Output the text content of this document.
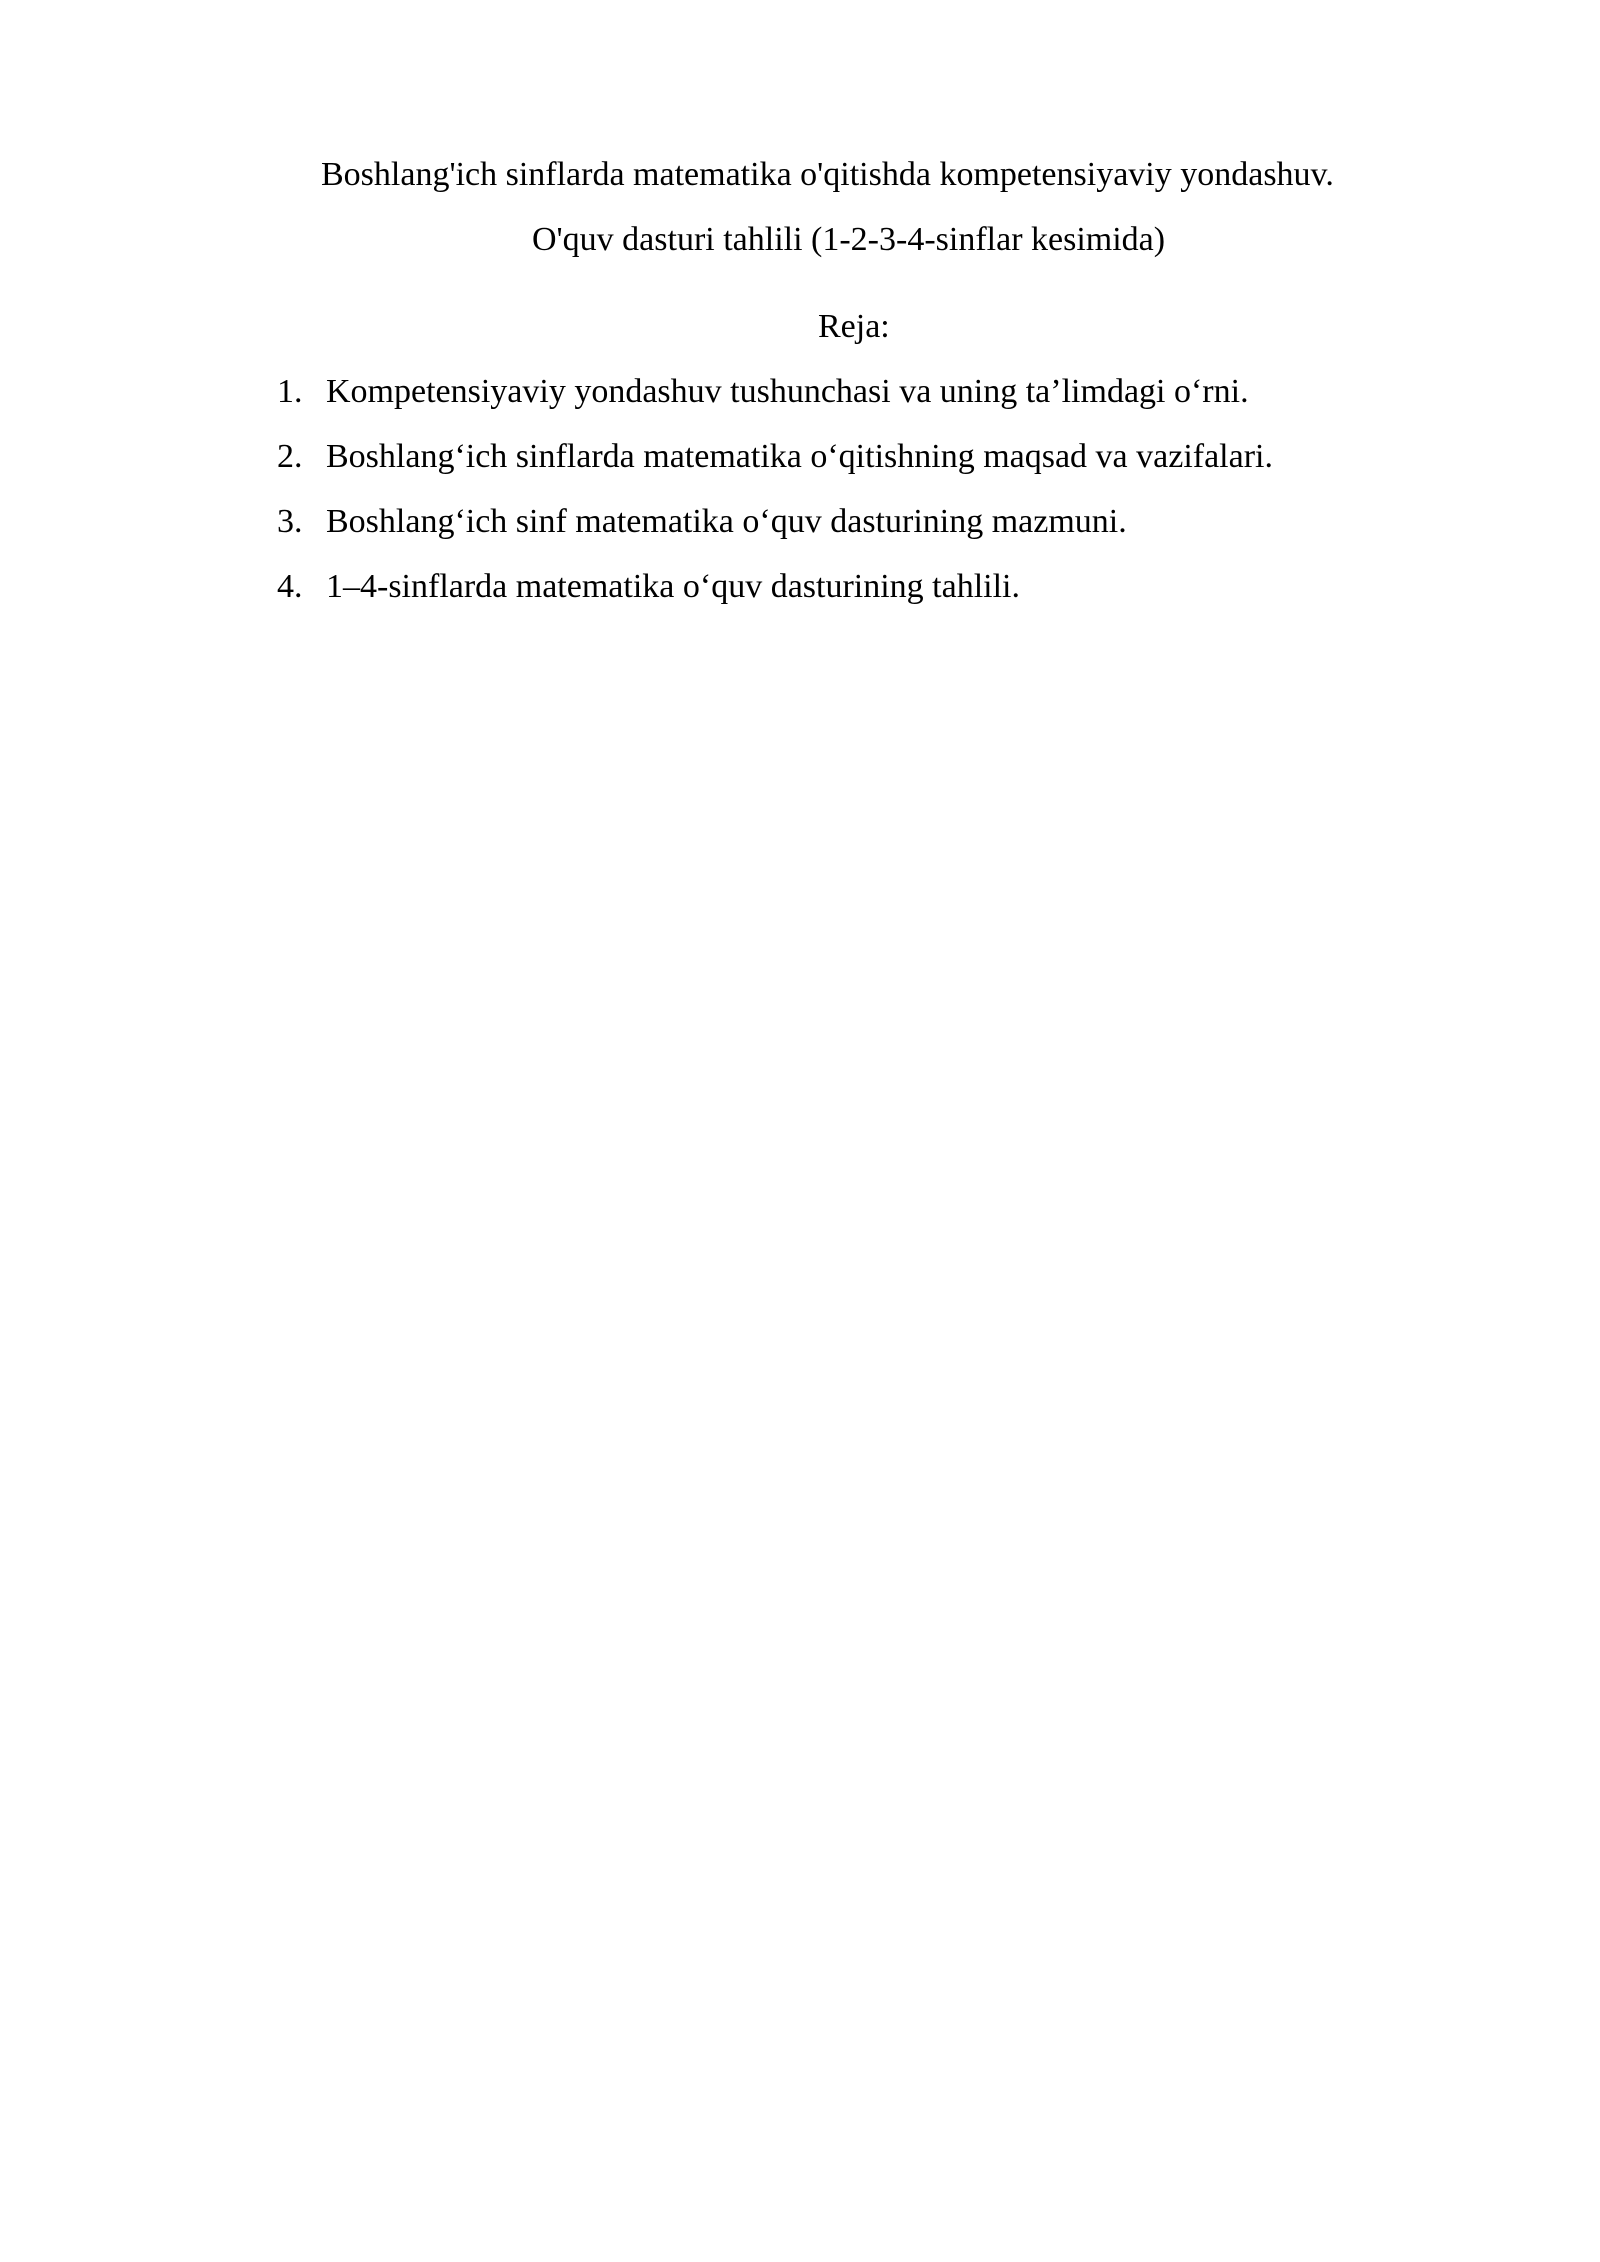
Boshlang'ich sinflarda matematika o'qitishda kompetensiyaviy yondashuv.
O'quv dasturi tahlili (1-2-3-4-sinflar kesimida)
Reja:
1. Kompetensiyaviy yondashuv tushunchasi va uning ta’limdagi o‘rni.
2. Boshlang‘ich sinflarda matematika o‘qitishning maqsad va vazifalari.
3. Boshlang‘ich sinf matematika o‘quv dasturining mazmuni.
4. 1–4-sinflarda matematika o‘quv dasturining tahlili.
